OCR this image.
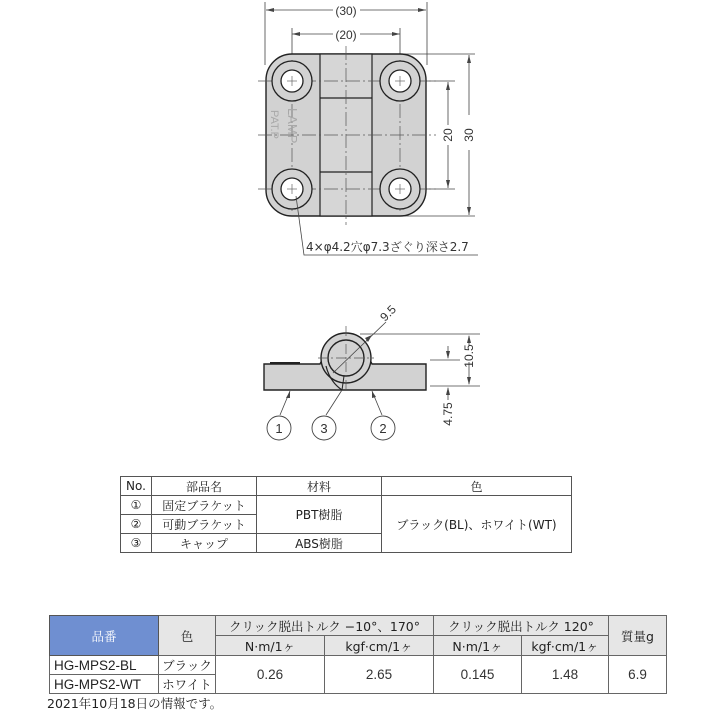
(30)
(20)
20 30
LAMP
PAT.P
4×φ4.2穴φ7.3ざぐり深さ2.7
10.5
4.75
9.5
1	3	2
No.	部品名	材料	色
①	固定ブラケット	PBT樹脂	ブラック(BL)、ホワイト(WT)
②	可動ブラケット		
③	キャップ	ABS樹脂	
品番	色	クリック脱出トルク −10°、170°		クリック脱出トルク 120°		質量g
		N·m/1ヶ	kgf·cm/1ヶ	N·m/1ヶ	kgf·cm/1ヶ	
HG-MPS2-BL	ブラック	0.26	2.65	0.145	1.48	6.9
HG-MPS2-WT	ホワイト					
2021年10月18日の情報です。
